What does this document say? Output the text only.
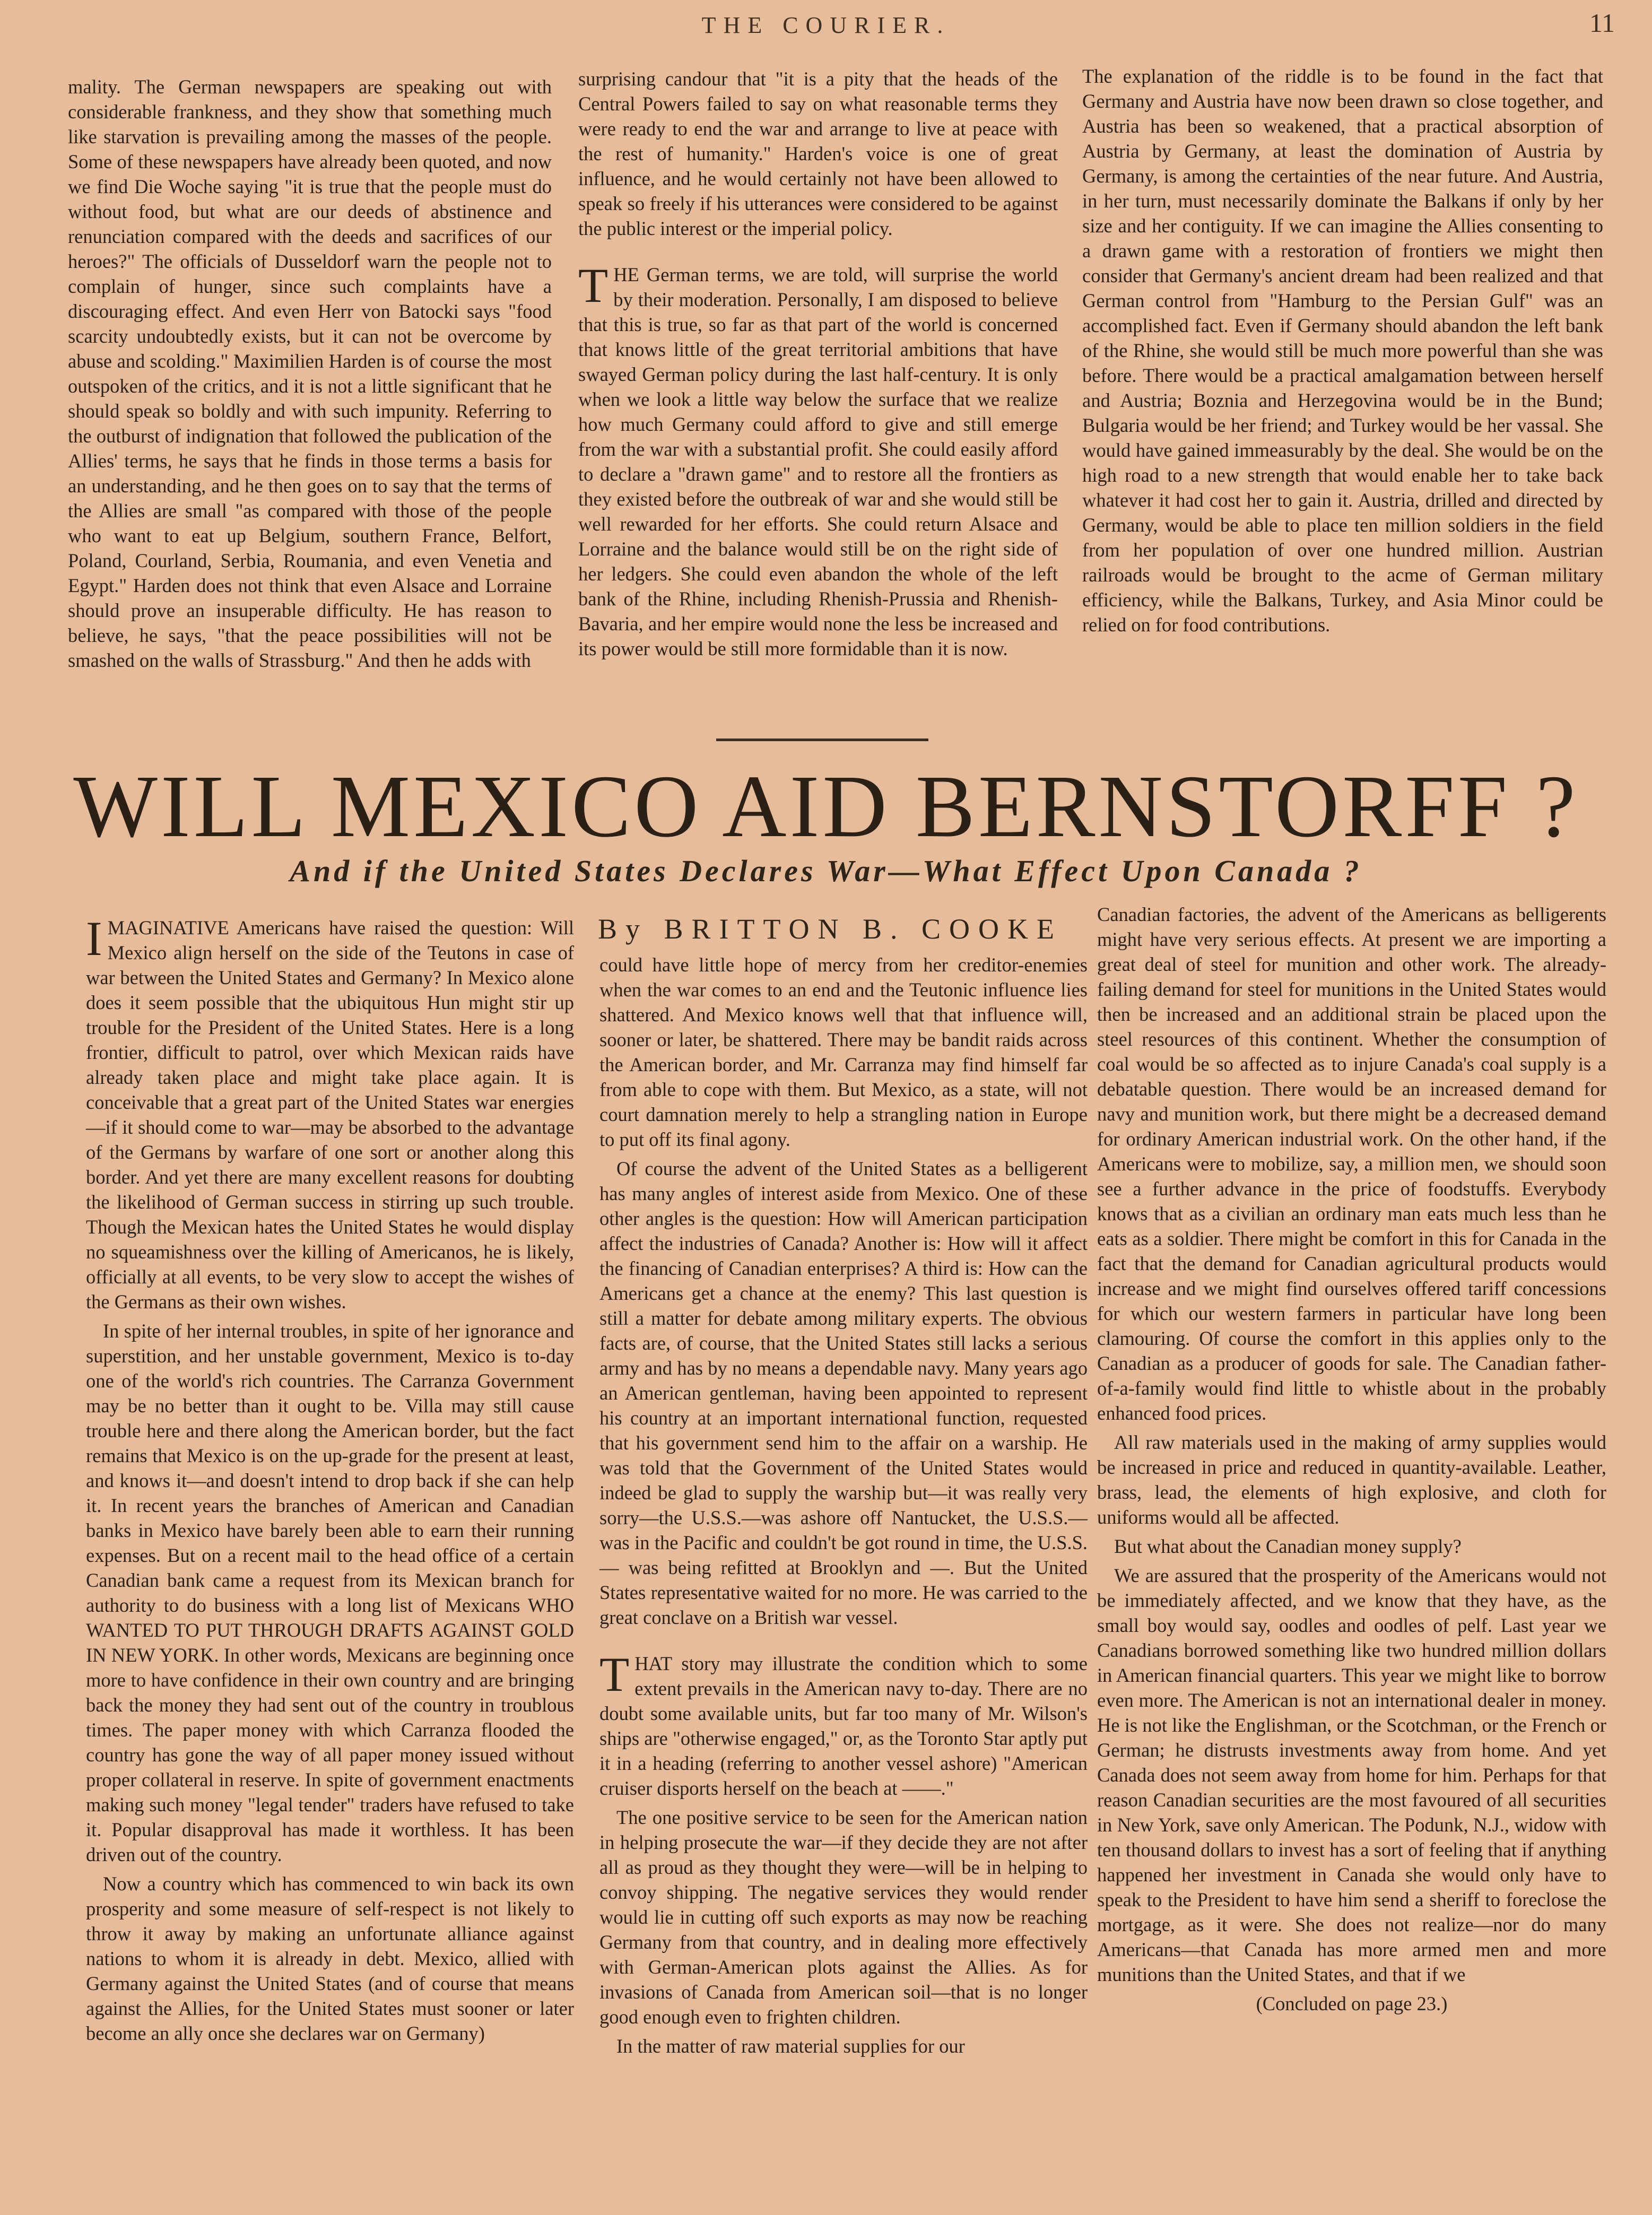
THE COURIER.	11

mality. The German newspapers are speaking out with considerable frankness, and they show that something much like starvation is prevailing among the masses of the people. Some of these newspapers have already been quoted, and now we find Die Woche saying "it is true that the people must do without food, but what are our deeds of abstinence and renunciation compared with the deeds and sacrifices of our heroes?" The officials of Dusseldorf warn the people not to complain of hunger, since such complaints have a discouraging effect. And even Herr von Batocki says "food scarcity undoubtedly exists, but it can not be overcome by abuse and scolding." Maximilien Harden is of course the most outspoken of the critics, and it is not a little significant that he should speak so boldly and with such impunity. Referring to the outburst of indignation that followed the publication of the Allies' terms, he says that he finds in those terms a basis for an understanding, and he then goes on to say that the terms of the Allies are small "as compared with those of the people who want to eat up Belgium, southern France, Belfort, Poland, Courland, Serbia, Roumania, and even Venetia and Egypt." Harden does not think that even Alsace and Lorraine should prove an insuperable difficulty. He has reason to believe, he says, "that the peace possibilities will not be smashed on the walls of Strassburg." And then he adds with

surprising candour that "it is a pity that the heads of the Central Powers failed to say on what reasonable terms they were ready to end the war and arrange to live at peace with the rest of humanity." Harden's voice is one of great influence, and he would certainly not have been allowed to speak so freely if his utterances were considered to be against the public interest or the imperial policy.

THE German terms, we are told, will surprise the world by their moderation. Personally, I am disposed to believe that this is true, so far as that part of the world is concerned that knows little of the great territorial ambitions that have swayed German policy during the last half-century. It is only when we look a little way below the surface that we realize how much Germany could afford to give and still emerge from the war with a substantial profit. She could easily afford to declare a "drawn game" and to restore all the frontiers as they existed before the outbreak of war and she would still be well rewarded for her efforts. She could return Alsace and Lorraine and the balance would still be on the right side of her ledgers. She could even abandon the whole of the left bank of the Rhine, including Rhenish-Prussia and Rhenish-Bavaria, and her empire would none the less be increased and its power would be still more formidable than it is now.

The explanation of the riddle is to be found in the fact that Germany and Austria have now been drawn so close together, and Austria has been so weakened, that a practical absorption of Austria by Germany, at least the domination of Austria by Germany, is among the certainties of the near future. And Austria, in her turn, must necessarily dominate the Balkans if only by her size and her contiguity. If we can imagine the Allies consenting to a drawn game with a restoration of frontiers we might then consider that Germany's ancient dream had been realized and that German control from "Hamburg to the Persian Gulf" was an accomplished fact. Even if Germany should abandon the left bank of the Rhine, she would still be much more powerful than she was before. There would be a practical amalgamation between herself and Austria; Boznia and Herzegovina would be in the Bund; Bulgaria would be her friend; and Turkey would be her vassal. She would have gained immeasurably by the deal. She would be on the high road to a new strength that would enable her to take back whatever it had cost her to gain it. Austria, drilled and directed by Germany, would be able to place ten million soldiers in the field from her population of over one hundred million. Austrian railroads would be brought to the acme of German military efficiency, while the Balkans, Turkey, and Asia Minor could be relied on for food contributions.

WILL MEXICO AID BERNSTORFF ?
And if the United States Declares War—What Effect Upon Canada ?
By BRITTON B. COOKE

IMAGINATIVE Americans have raised the question: Will Mexico align herself on the side of the Teutons in case of war between the United States and Germany? In Mexico alone does it seem possible that the ubiquitous Hun might stir up trouble for the President of the United States. Here is a long frontier, difficult to patrol, over which Mexican raids have already taken place and might take place again. It is conceivable that a great part of the United States war energies—if it should come to war—may be absorbed to the advantage of the Germans by warfare of one sort or another along this border. And yet there are many excellent reasons for doubting the likelihood of German success in stirring up such trouble. Though the Mexican hates the United States he would display no squeamishness over the killing of Americanos, he is likely, officially at all events, to be very slow to accept the wishes of the Germans as their own wishes.

In spite of her internal troubles, in spite of her ignorance and superstition, and her unstable government, Mexico is to-day one of the world's rich countries. The Carranza Government may be no better than it ought to be. Villa may still cause trouble here and there along the American border, but the fact remains that Mexico is on the up-grade for the present at least, and knows it—and doesn't intend to drop back if she can help it. In recent years the branches of American and Canadian banks in Mexico have barely been able to earn their running expenses. But on a recent mail to the head office of a certain Canadian bank came a request from its Mexican branch for authority to do business with a long list of Mexicans WHO WANTED TO PUT THROUGH DRAFTS AGAINST GOLD IN NEW YORK. In other words, Mexicans are beginning once more to have confidence in their own country and are bringing back the money they had sent out of the country in troublous times. The paper money with which Carranza flooded the country has gone the way of all paper money issued without proper collateral in reserve. In spite of government enactments making such money "legal tender" traders have refused to take it. Popular disapproval has made it worthless. It has been driven out of the country.

Now a country which has commenced to win back its own prosperity and some measure of self-respect is not likely to throw it away by making an unfortunate alliance against nations to whom it is already in debt. Mexico, allied with Germany against the United States (and of course that means against the Allies, for the United States must sooner or later become an ally once she declares war on Germany)

could have little hope of mercy from her creditor-enemies when the war comes to an end and the Teutonic influence lies shattered. And Mexico knows well that that influence will, sooner or later, be shattered. There may be bandit raids across the American border, and Mr. Carranza may find himself far from able to cope with them. But Mexico, as a state, will not court damnation merely to help a strangling nation in Europe to put off its final agony.

Of course the advent of the United States as a belligerent has many angles of interest aside from Mexico. One of these other angles is the question: How will American participation affect the industries of Canada? Another is: How will it affect the financing of Canadian enterprises? A third is: How can the Americans get a chance at the enemy? This last question is still a matter for debate among military experts. The obvious facts are, of course, that the United States still lacks a serious army and has by no means a dependable navy. Many years ago an American gentleman, having been appointed to represent his country at an important international function, requested that his government send him to the affair on a warship. He was told that the Government of the United States would indeed be glad to supply the warship but—it was really very sorry—the U.S.S.—was ashore off Nantucket, the U.S.S.—was in the Pacific and couldn't be got round in time, the U.S.S. — was being refitted at Brooklyn and —. But the United States representative waited for no more. He was carried to the great conclave on a British war vessel.

THAT story may illustrate the condition which to some extent prevails in the American navy to-day. There are no doubt some available units, but far too many of Mr. Wilson's ships are "otherwise engaged," or, as the Toronto Star aptly put it in a heading (referring to another vessel ashore) "American cruiser disports herself on the beach at ——."

The one positive service to be seen for the American nation in helping prosecute the war—if they decide they are not after all as proud as they thought they were—will be in helping to convoy shipping. The negative services they would render would lie in cutting off such exports as may now be reaching Germany from that country, and in dealing more effectively with German-American plots against the Allies. As for invasions of Canada from American soil—that is no longer good enough even to frighten children.

In the matter of raw material supplies for our

Canadian factories, the advent of the Americans as belligerents might have very serious effects. At present we are importing a great deal of steel for munition and other work. The already-failing demand for steel for munitions in the United States would then be increased and an additional strain be placed upon the steel resources of this continent. Whether the consumption of coal would be so affected as to injure Canada's coal supply is a debatable question. There would be an increased demand for navy and munition work, but there might be a decreased demand for ordinary American industrial work. On the other hand, if the Americans were to mobilize, say, a million men, we should soon see a further advance in the price of foodstuffs. Everybody knows that as a civilian an ordinary man eats much less than he eats as a soldier. There might be comfort in this for Canada in the fact that the demand for Canadian agricultural products would increase and we might find ourselves offered tariff concessions for which our western farmers in particular have long been clamouring. Of course the comfort in this applies only to the Canadian as a producer of goods for sale. The Canadian father-of-a-family would find little to whistle about in the probably enhanced food prices.

All raw materials used in the making of army supplies would be increased in price and reduced in quantity-available. Leather, brass, lead, the elements of high explosive, and cloth for uniforms would all be affected.

But what about the Canadian money supply?

We are assured that the prosperity of the Americans would not be immediately affected, and we know that they have, as the small boy would say, oodles and oodles of pelf. Last year we Canadians borrowed something like two hundred million dollars in American financial quarters. This year we might like to borrow even more. The American is not an international dealer in money. He is not like the Englishman, or the Scotchman, or the French or German; he distrusts investments away from home. And yet Canada does not seem away from home for him. Perhaps for that reason Canadian securities are the most favoured of all securities in New York, save only American. The Podunk, N.J., widow with ten thousand dollars to invest has a sort of feeling that if anything happened her investment in Canada she would only have to speak to the President to have him send a sheriff to foreclose the mortgage, as it were. She does not realize—nor do many Americans—that Canada has more armed men and more munitions than the United States, and that if we

(Concluded on page 23.)
